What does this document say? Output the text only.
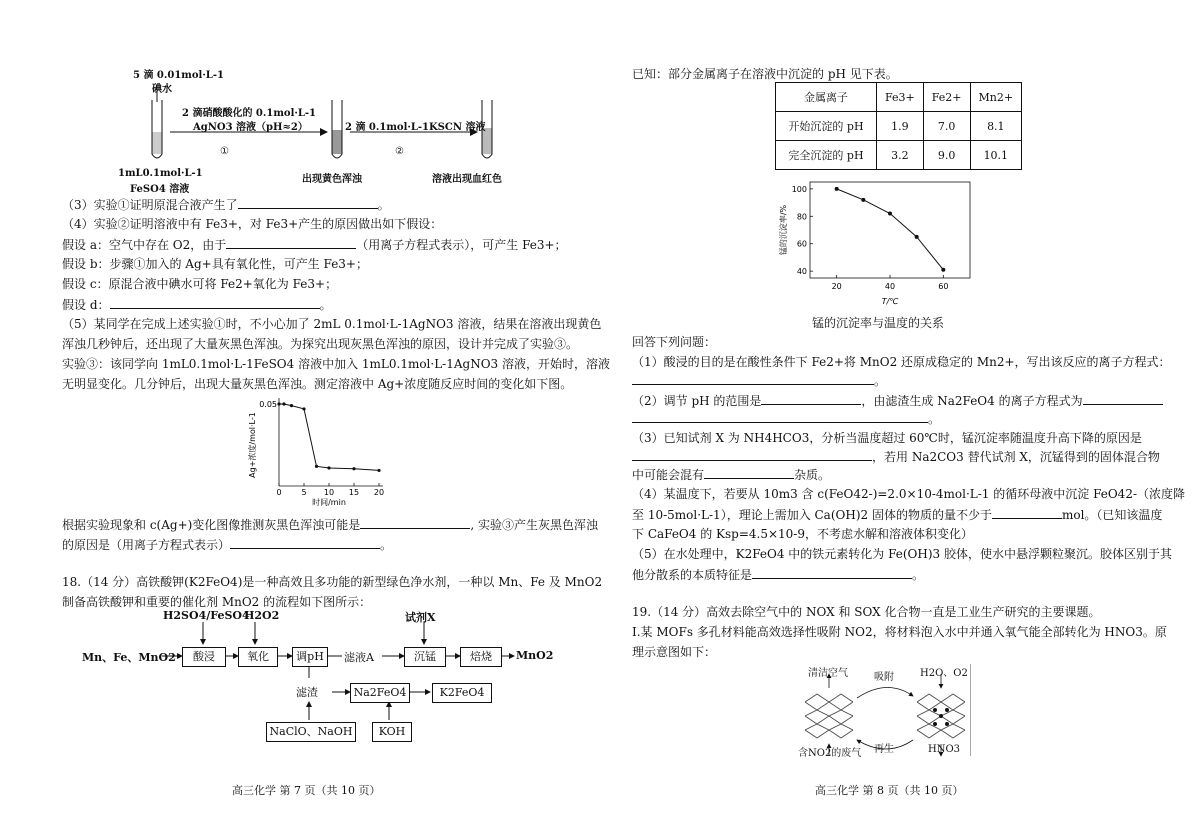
5 滴 0.01mol·L-1
碘水
2 滴硝酸酸化的 0.1mol·L-1
AgNO3 溶液（pH≈2）
①
2 滴 0.1mol·L-1KSCN 溶液
②
1mL0.1mol·L-1
FeSO4 溶液
出现黄色浑浊	溶液出现血红色
（3）实验①证明原混合液产生了	。
（4）实验②证明溶液中有 Fe3+，对 Fe3+产生的原因做出如下假设：
假设 a：空气中存在 O2，由于	（用离子方程式表示），可产生 Fe3+；
假设 b：步骤①加入的 Ag+具有氧化性，可产生 Fe3+；
假设 c：原混合液中碘水可将 Fe2+氧化为 Fe3+；
假设 d：	。
（5）某同学在完成上述实验①时，不小心加了 2mL 0.1mol·L-1AgNO3 溶液，结果在溶液出现黄色
浑浊几秒钟后，还出现了大量灰黑色浑浊。为探究出现灰黑色浑浊的原因，设计并完成了实验③。
实验③：该同学向 1mL0.1mol·L-1FeSO4 溶液中加入 1mL0.1mol·L-1AgNO3 溶液，开始时，溶液
无明显变化。几分钟后，出现大量灰黑色浑浊。测定溶液中 Ag+浓度随反应时间的变化如下图。
0 5 10 15 20
0.05
时间/min
Ag+浓度/mol·L-1
根据实验现象和 c(Ag+)变化图像推测灰黑色浑浊可能是	, 实验③产生灰黑色浑浊
的原因是（用离子方程式表示）	。
18.（14 分）高铁酸钾(K2FeO4)是一种高效且多功能的新型绿色净水剂，一种以 Mn、Fe 及 MnO2
制备高铁酸钾和重要的催化剂 MnO2 的流程如下图所示：
H2SO4/FeSO4
H2O2	试剂X
Mn、Fe、MnO2	酸浸	氧化	调pH	滤液A	沉锰	焙烧	MnO2
滤渣	Na2FeO4	K2FeO4
NaClO、NaOH	KOH
高三化学 第 7 页（共 10 页）
已知：部分金属离子在溶液中沉淀的 pH 见下表。
金属离子	Fe3+	Fe2+	Mn2+
开始沉淀的 pH	1.9	7.0	8.1
完全沉淀的 pH	3.2	9.0	10.1
20	40	60
40
60
80
100
T/℃
锰的沉淀率/%
锰的沉淀率与温度的关系
回答下列问题：
（1）酸浸的目的是在酸性条件下 Fe2+将 MnO2 还原成稳定的 Mn2+，写出该反应的离子方程式：
。
（2）调节 pH 的范围是	，由滤渣生成 Na2FeO4 的离子方程式为
。
（3）已知试剂 X 为 NH4HCO3，分析当温度超过 60℃时，锰沉淀率随温度升高下降的原因是
，若用 Na2CO3 替代试剂 X，沉锰得到的固体混合物
中可能会混有	杂质。
（4）某温度下，若要从 10m3 含 c(FeO42-)=2.0×10-4mol·L-1 的循环母液中沉淀 FeO42-（浓度降
至 10-5mol·L-1），理论上需加入 Ca(OH)2 固体的物质的量不少于	mol。（已知该温度
下 CaFeO4 的 Ksp=4.5×10-9，不考虑水解和溶液体积变化）
（5）在水处理中，K2FeO4 中的铁元素转化为 Fe(OH)3 胶体，使水中悬浮颗粒聚沉。胶体区别于其
他分散系的本质特征是	。
19.（14 分）高效去除空气中的 NOX 和 SOX 化合物一直是工业生产研究的主要课题。
I.某 MOFs 多孔材料能高效选择性吸附 NO2，将材料泡入水中并通入氧气能全部转化为 HNO3。原
理示意图如下：
清洁空气	吸附	H2O、O2
含NO2的废气 再生	HNO3
高三化学 第 8 页（共 10 页）
